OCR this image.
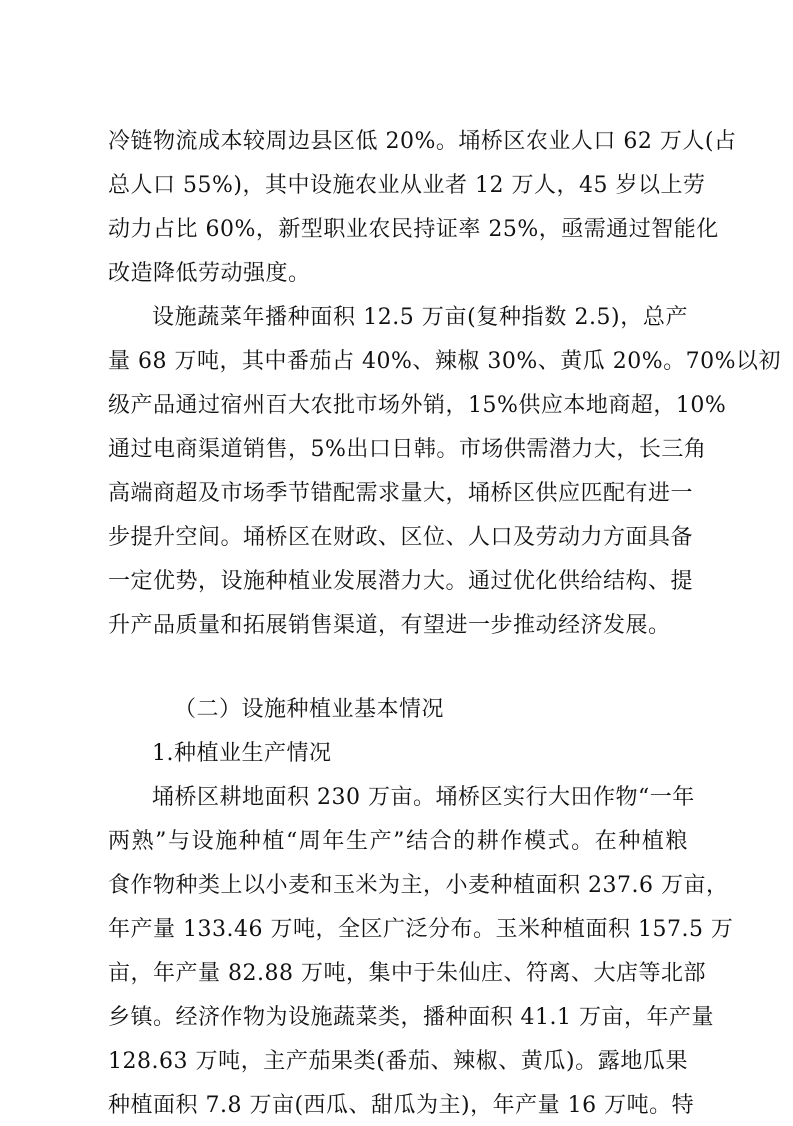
冷链物流成本较周边县区低 20%。埇桥区农业人口 62 万人(占
总人口 55%)，其中设施农业从业者 12 万人，45 岁以上劳
动力占比 60%，新型职业农民持证率 25%，亟需通过智能化
改造降低劳动强度。
设施蔬菜年播种面积 12.5 万亩(复种指数 2.5)，总产
量 68 万吨，其中番茄占 40%、辣椒 30%、黄瓜 20%。70%以初
级产品通过宿州百大农批市场外销，15%供应本地商超，10%
通过电商渠道销售，5%出口日韩。市场供需潜力大，长三角
高端商超及市场季节错配需求量大，埇桥区供应匹配有进一
步提升空间。埇桥区在财政、区位、人口及劳动力方面具备
一定优势，设施种植业发展潜力大。通过优化供给结构、提
升产品质量和拓展销售渠道，有望进一步推动经济发展。
（二）设施种植业基本情况
1.种植业生产情况
埇桥区耕地面积 230 万亩。埇桥区实行大田作物“一年
两熟”与设施种植“周年生产”结合的耕作模式。在种植粮
食作物种类上以小麦和玉米为主，小麦种植面积 237.6 万亩，
年产量 133.46 万吨，全区广泛分布。玉米种植面积 157.5 万
亩，年产量 82.88 万吨，集中于朱仙庄、符离、大店等北部
乡镇。经济作物为设施蔬菜类，播种面积 41.1 万亩，年产量
128.63 万吨，主产茄果类(番茄、辣椒、黄瓜)。露地瓜果
种植面积 7.8 万亩(西瓜、甜瓜为主)，年产量 16 万吨。特
